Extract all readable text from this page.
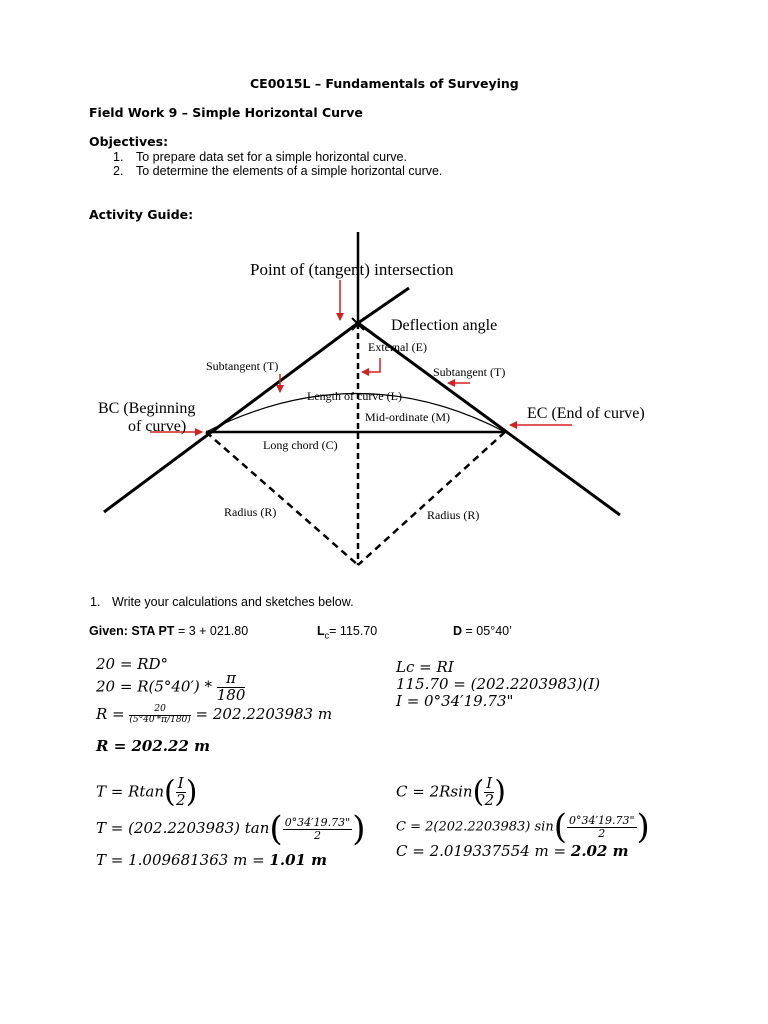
CE0015L – Fundamentals of Surveying
Field Work 9 – Simple Horizontal Curve
Objectives:
1. To prepare data set for a simple horizontal curve.
2. To determine the elements of a simple horizontal curve.
Activity Guide:
Point of (tangent) intersection
Deflection angle
External (E)
Subtangent (T)	Subtangent (T)
Length of curve (L)
Mid-ordinate (M)
BC (Beginning
of curve)
EC (End of curve)
Long chord (C)
Radius (R)	Radius (R)
1. Write your calculations and sketches below.
Given: STA PT = 3 + 021.80	$L_c= 115.70$	D = 05°40’
20 = RD°
$20 = R(5^\circ 40') * \frac{\pi}{180}$
$R = \frac{20}{(5^\circ 40'*\pi/180)} = 202.2203983$ m
R = 202.22 m
Lc = RI
115.70 = (202.2203983)(I)
I = 0°34′19.73"
$T = Rtan( \frac{I}{2}$ )
T = (202.2203983) $\tan( \frac{0^\circ 34'19.73"}{2}$ )
T = 1.009681363 m = 1.01 m
$C = 2Rsin( \frac{I}{2}$ )
C = 2(202.2203983) $\sin( \frac{0^\circ 34'19.73"}{2}$ )
C = 2.019337554 m = 2.02 m
